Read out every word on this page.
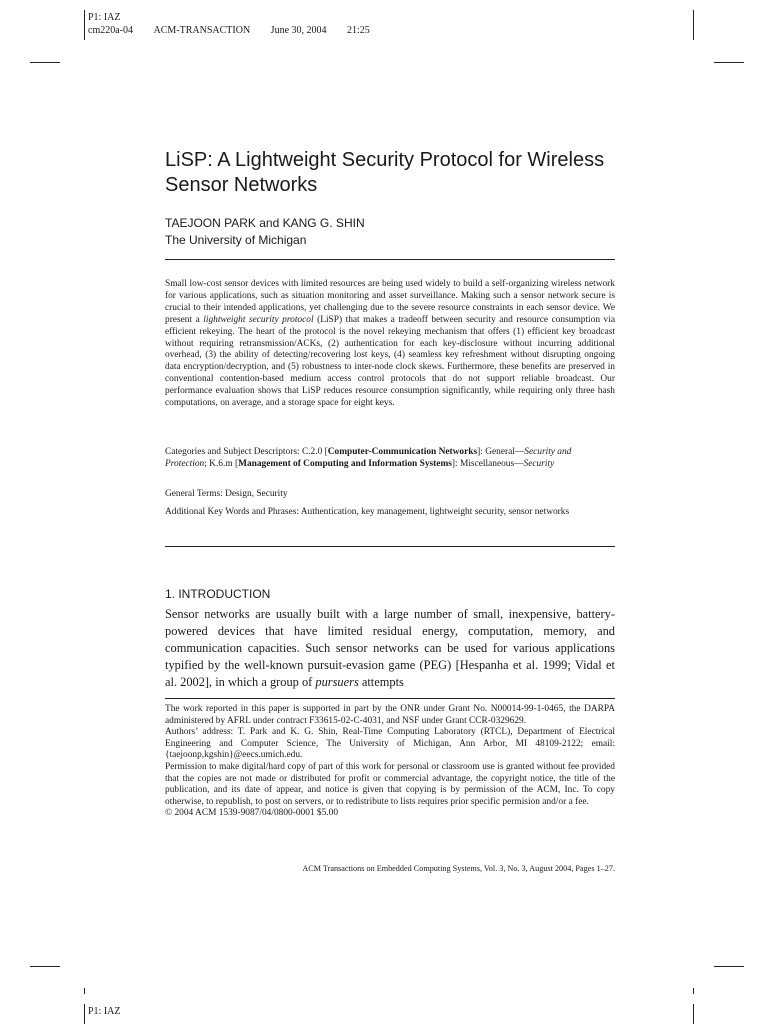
P1: IAZ
cm220a-04 ACM-TRANSACTION June 30, 2004 21:25
LiSP: A Lightweight Security Protocol for Wireless Sensor Networks
TAEJOON PARK and KANG G. SHIN
The University of Michigan
Small low-cost sensor devices with limited resources are being used widely to build a self-organizing wireless network for various applications, such as situation monitoring and asset surveillance. Making such a sensor network secure is crucial to their intended applications, yet challenging due to the severe resource constraints in each sensor device. We present a lightweight security protocol (LiSP) that makes a tradeoff between security and resource consumption via efficient rekeying. The heart of the protocol is the novel rekeying mechanism that offers (1) efficient key broadcast without requiring retransmission/ACKs, (2) authentication for each key-disclosure without incurring additional overhead, (3) the ability of detecting/recovering lost keys, (4) seamless key refreshment without disrupting ongoing data encryption/decryption, and (5) robustness to inter-node clock skews. Furthermore, these benefits are preserved in conventional contention-based medium access control protocols that do not support reliable broadcast. Our performance evaluation shows that LiSP reduces resource consumption significantly, while requiring only three hash computations, on average, and a storage space for eight keys.
Categories and Subject Descriptors: C.2.0 [Computer-Communication Networks]: General—Security and Protection; K.6.m [Management of Computing and Information Systems]: Miscellaneous—Security
General Terms: Design, Security
Additional Key Words and Phrases: Authentication, key management, lightweight security, sensor networks
1. INTRODUCTION
Sensor networks are usually built with a large number of small, inexpensive, battery-powered devices that have limited residual energy, computation, memory, and communication capacities. Such sensor networks can be used for various applications typified by the well-known pursuit-evasion game (PEG) [Hespanha et al. 1999; Vidal et al. 2002], in which a group of pursuers attempts
The work reported in this paper is supported in part by the ONR under Grant No. N00014-99-1-0465, the DARPA administered by AFRL under contract F33615-02-C-4031, and NSF under Grant CCR-0329629.
Authors’ address: T. Park and K. G. Shin, Real-Time Computing Laboratory (RTCL), Department of Electrical Engineering and Computer Science, The University of Michigan, Ann Arbor, MI 48109-2122; email: {taejoonp,kgshin}@eecs.umich.edu.
Permission to make digital/hard copy of part of this work for personal or classroom use is granted without fee provided that the copies are not made or distributed for profit or commercial advantage, the copyright notice, the title of the publication, and its date of appear, and notice is given that copying is by permission of the ACM, Inc. To copy otherwise, to republish, to post on servers, or to redistribute to lists requires prior specific permision and/or a fee.
© 2004 ACM 1539-9087/04/0800-0001 $5.00
ACM Transactions on Embedded Computing Systems, Vol. 3, No. 3, August 2004, Pages 1–27.
P1: IAZ
